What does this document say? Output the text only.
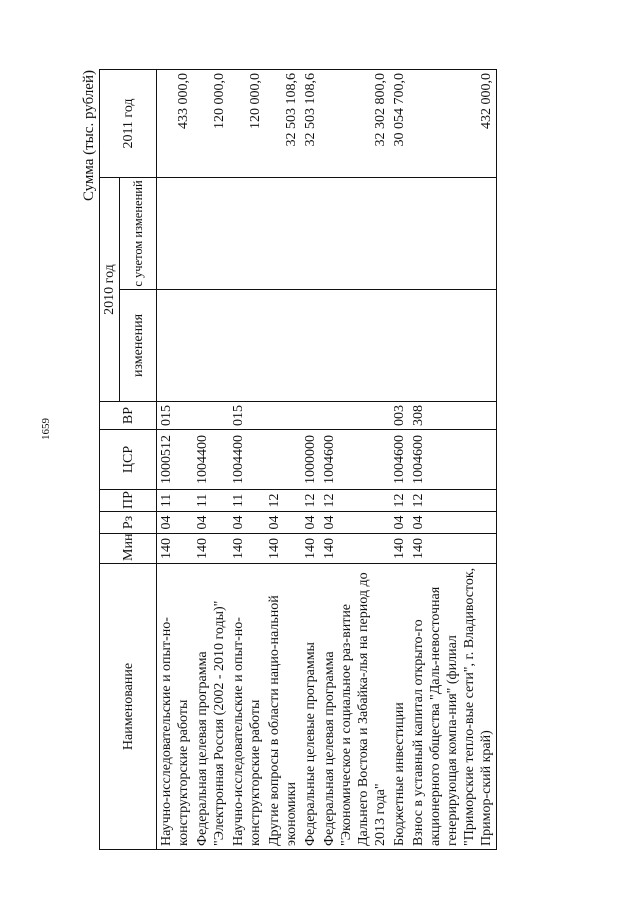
1659
Сумма (тыс. рублей)
Наименование	Мин	Рз	ПР	ЦСР	ВР	2010 год		2011 год
						изменения	с учетом изменений	
Научно-исследовательские и опыт-но-конструкторские работы	140	04	11	1000512	015			433 000,0
Федеральная целевая программа "Электронная Россия (2002 - 2010 годы)"	140	04	11	1004400				120 000,0
Научно-исследовательские и опыт-но-конструкторские работы	140	04	11	1004400	015			120 000,0
Другие вопросы в области нацио-нальной экономики	140	04	12					32 503 108,6
Федеральные целевые программы	140	04	12	1000000				32 503 108,6
Федеральная целевая программа "Экономическое и социальное раз-витие Дальнего Востока и Забайка-лья на период до 2013 года"	140	04	12	1004600				32 302 800,0
Бюджетные инвестиции	140	04	12	1004600	003			30 054 700,0
Взнос в уставный капитал открыто-го акционерного общества "Даль-невосточная генерирующая компа-ния" (филиал "Приморские тепло-вые сети", г. Владивосток, Примор-ский край)	140	04	12	1004600	308			432 000,0
